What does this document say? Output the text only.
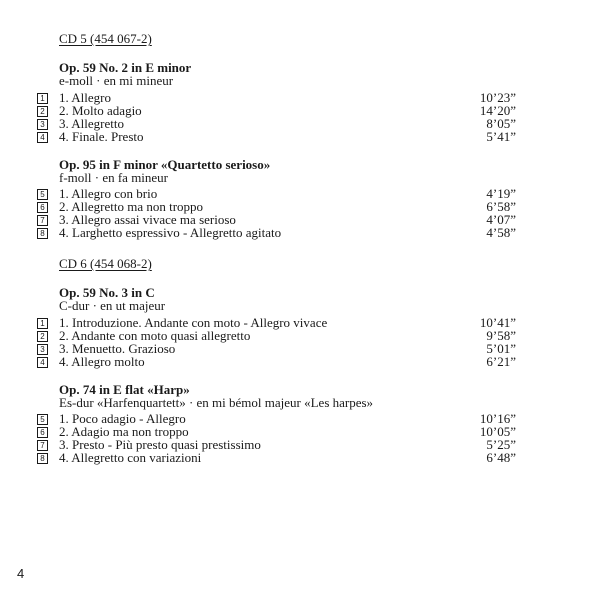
CD 5 (454 067-2)
Op. 59 No. 2 in E minor
e-moll · en mi mineur
1 1. Allegro	10’23”
2 2. Molto adagio	14’20”
3 3. Allegretto	8’05”
4 4. Finale. Presto	5’41”
Op. 95 in F minor «Quartetto serioso»
f-moll · en fa mineur
5 1. Allegro con brio	4’19”
6 2. Allegretto ma non troppo	6’58”
7 3. Allegro assai vivace ma serioso	4’07”
8 4. Larghetto espressivo - Allegretto agitato	4’58”
CD 6 (454 068-2)
Op. 59 No. 3 in C
C-dur · en ut majeur
1 1. Introduzione. Andante con moto - Allegro vivace	10’41”
2 2. Andante con moto quasi allegretto	9’58”
3 3. Menuetto. Grazioso	5’01”
4 4. Allegro molto	6’21”
Op. 74 in E flat «Harp»
Es-dur «Harfenquartett» · en mi bémol majeur «Les harpes»
5 1. Poco adagio - Allegro	10’16”
6 2. Adagio ma non troppo	10’05”
7 3. Presto - Più presto quasi prestissimo	5’25”
8 4. Allegretto con variazioni	6’48”
4
